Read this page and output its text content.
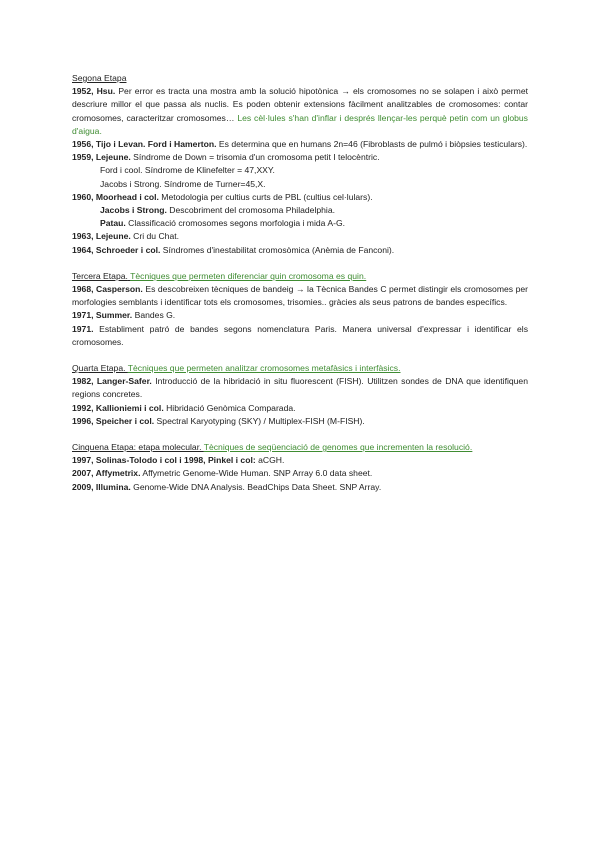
Segona Etapa
1952, Hsu. Per error es tracta una mostra amb la solució hipotònica → els cromosomes no se solapen i això permet descriure millor el que passa als nuclis. Es poden obtenir extensions fàcilment analitzables de cromosomes: contar cromosomes, caracteritzar cromosomes… Les cèl·lules s'han d'inflar i després llençar-les perquè petin com un globus d'aigua.
1956, Tijo i Levan. Ford i Hamerton. Es determina que en humans 2n=46 (Fibroblasts de pulmó i biòpsies testiculars).
1959, Lejeune. Síndrome de Down = trisomia d'un cromosoma petit I telocèntric.
Ford i cool. Síndrome de Klinefelter = 47,XXY.
Jacobs i Strong. Síndrome de Turner=45,X.
1960, Moorhead i col. Metodologia per cultius curts de PBL (cultius cel·lulars).
Jacobs i Strong. Descobriment del cromosoma Philadelphia.
Patau. Classificació cromosomes segons morfologia i mida A-G.
1963, Lejeune. Cri du Chat.
1964, Schroeder i col. Síndromes d'inestabilitat cromosòmica (Anèmia de Fanconi).
Tercera Etapa. Tècniques que permeten diferenciar quin cromosoma es quin.
1968, Casperson. Es descobreixen tècniques de bandeig → la Tècnica Bandes C permet distingir els cromosomes per morfologies semblants i identificar tots els cromosomes, trisomies.. gràcies als seus patrons de bandes específics.
1971, Summer. Bandes G.
1971. Establiment patró de bandes segons nomenclatura Paris. Manera universal d'expressar i identificar els cromosomes.
Quarta Etapa. Tècniques que permeten analitzar cromosomes metafàsics i interfàsics.
1982, Langer-Safer. Introducció de la hibridació in situ fluorescent (FISH). Utilitzen sondes de DNA que identifiquen regions concretes.
1992, Kallioniemi i col. Hibridació Genòmica Comparada.
1996, Speicher i col. Spectral Karyotyping (SKY) / Multiplex-FISH (M-FISH).
Cinquena Etapa: etapa molecular. Tècniques de seqüenciació de genomes que incrementen la resolució.
1997, Solinas-Tolodo i col i 1998, Pinkel i col: aCGH.
2007, Affymetrix. Affymetric Genome-Wide Human. SNP Array 6.0 data sheet.
2009, Illumina. Genome-Wide DNA Analysis. BeadChips Data Sheet. SNP Array.
